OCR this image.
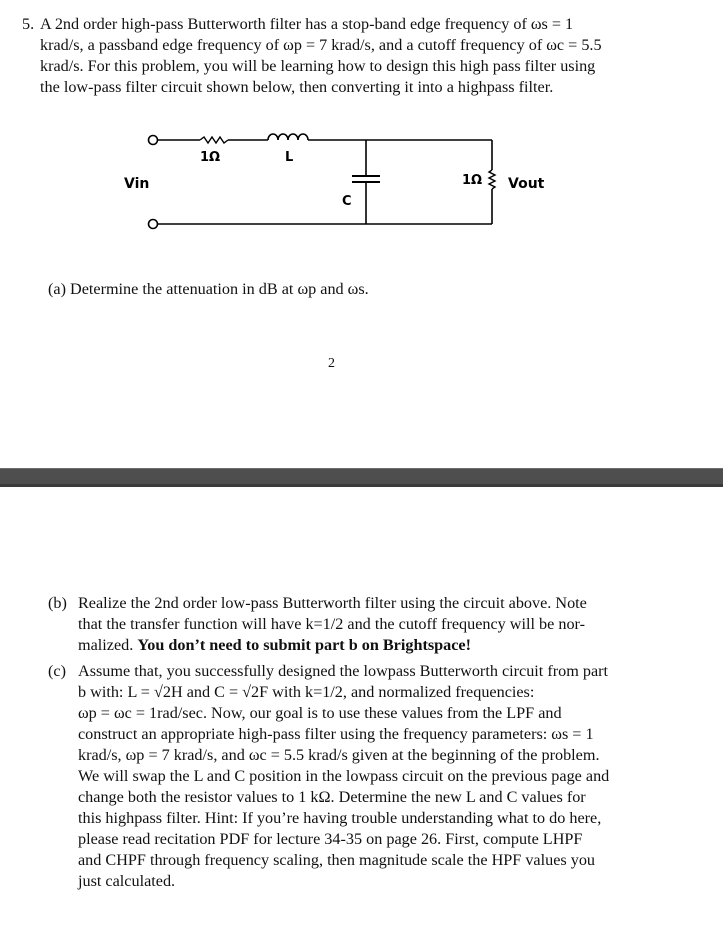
5. A 2nd order high-pass Butterworth filter has a stop-band edge frequency of ωs = 1
krad/s, a passband edge frequency of ωp = 7 krad/s, and a cutoff frequency of ωc = 5.5
krad/s. For this problem, you will be learning how to design this high pass filter using
the low-pass filter circuit shown below, then converting it into a highpass filter.
1Ω	L
C
1Ω
Vin	Vout
(a) Determine the attenuation in dB at ωp and ωs.
2
(b) Realize the 2nd order low-pass Butterworth filter using the circuit above. Note
that the transfer function will have k=1/2 and the cutoff frequency will be nor-
malized. You don’t need to submit part b on Brightspace!
(c) Assume that, you successfully designed the lowpass Butterworth circuit from part
b with: L = √2H and C = √2F with k=1/2, and normalized frequencies:
ωp = ωc = 1rad/sec. Now, our goal is to use these values from the LPF and
construct an appropriate high-pass filter using the frequency parameters: ωs = 1
krad/s, ωp = 7 krad/s, and ωc = 5.5 krad/s given at the beginning of the problem.
We will swap the L and C position in the lowpass circuit on the previous page and
change both the resistor values to 1 kΩ. Determine the new L and C values for
this highpass filter. Hint: If you’re having trouble understanding what to do here,
please read recitation PDF for lecture 34-35 on page 26. First, compute LHPF
and CHPF through frequency scaling, then magnitude scale the HPF values you
just calculated.
